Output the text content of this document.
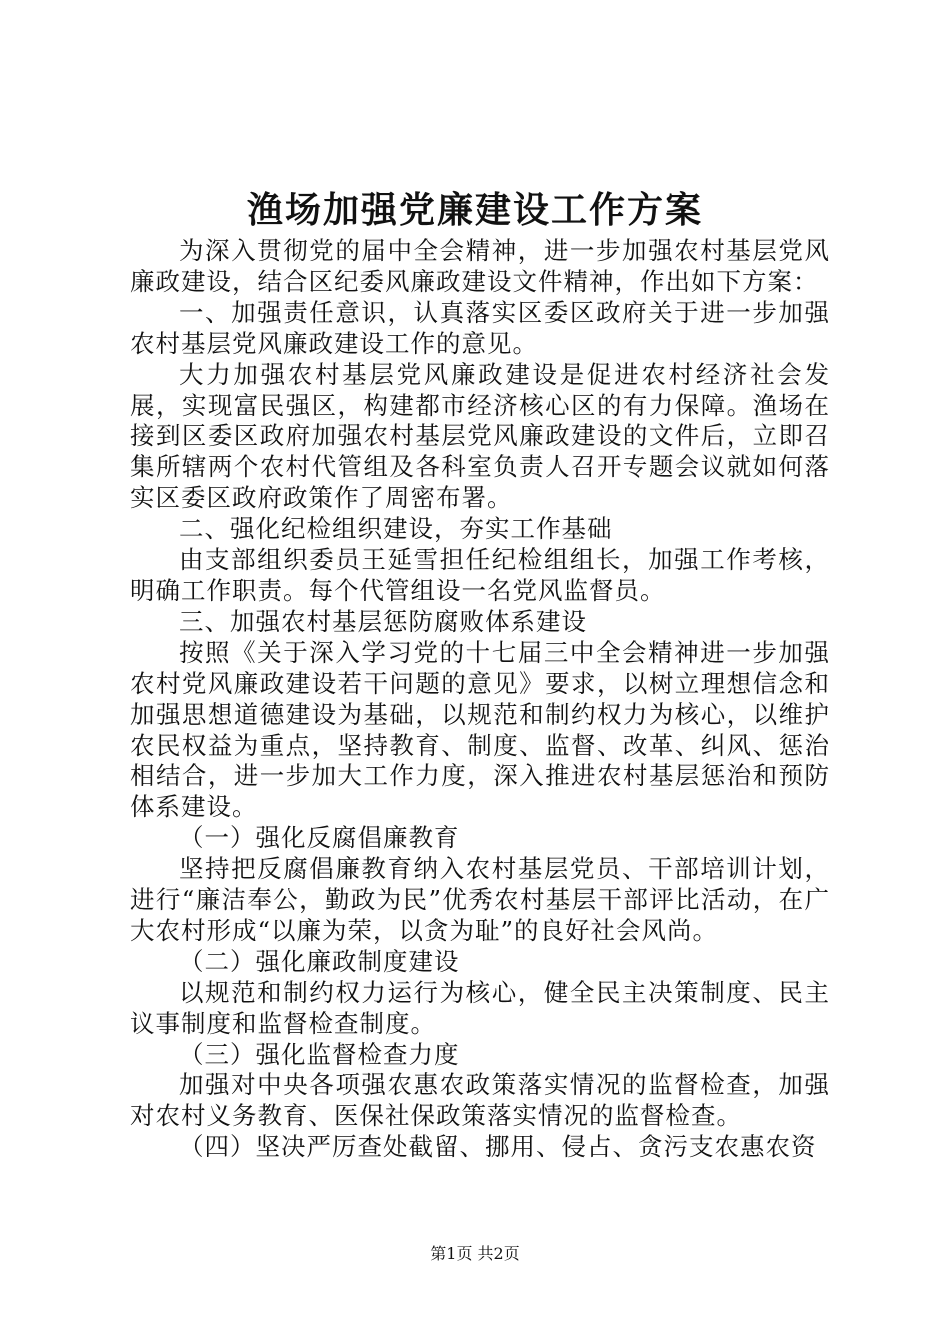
渔场加强党廉建设工作方案

为深入贯彻党的届中全会精神，进一步加强农村基层党风廉政建设，结合区纪委风廉政建设文件精神，作出如下方案：

一、加强责任意识，认真落实区委区政府关于进一步加强农村基层党风廉政建设工作的意见。

大力加强农村基层党风廉政建设是促进农村经济社会发展，实现富民强区，构建都市经济核心区的有力保障。渔场在接到区委区政府加强农村基层党风廉政建设的文件后，立即召集所辖两个农村代管组及各科室负责人召开专题会议就如何落实区委区政府政策作了周密布署。

二、强化纪检组织建设，夯实工作基础

由支部组织委员王延雪担任纪检组组长，加强工作考核，明确工作职责。每个代管组设一名党风监督员。

三、加强农村基层惩防腐败体系建设

按照《关于深入学习党的十七届三中全会精神进一步加强农村党风廉政建设若干问题的意见》要求，以树立理想信念和加强思想道德建设为基础，以规范和制约权力为核心，以维护农民权益为重点，坚持教育、制度、监督、改革、纠风、惩治相结合，进一步加大工作力度，深入推进农村基层惩治和预防体系建设。

（一）强化反腐倡廉教育

坚持把反腐倡廉教育纳入农村基层党员、干部培训计划，进行“廉洁奉公，勤政为民”优秀农村基层干部评比活动，在广大农村形成“以廉为荣，以贪为耻”的良好社会风尚。

（二）强化廉政制度建设

以规范和制约权力运行为核心，健全民主决策制度、民主议事制度和监督检查制度。

（三）强化监督检查力度

加强对中央各项强农惠农政策落实情况的监督检查，加强对农村义务教育、医保社保政策落实情况的监督检查。

（四）坚决严厉查处截留、挪用、侵占、贪污支农惠农资

第1页 共2页
